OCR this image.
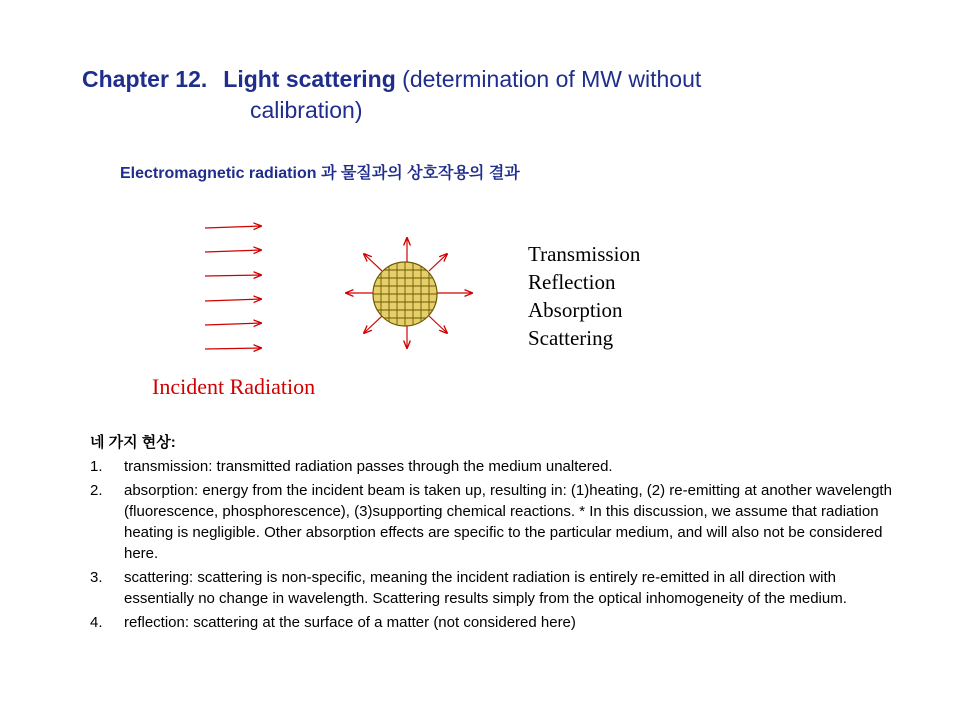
Chapter 12. Light scattering (determination of MW without
calibration)
Electromagnetic radiation 과 물질과의 상호작용의 결과
Transmission
Reflection
Absorption
Scattering
Incident Radiation
네 가지 현상:
1.	transmission: transmitted radiation passes through the medium unaltered.
2.	absorption: energy from the incident beam is taken up, resulting in: (1)heating, (2) re-emitting at another wavelength (fluorescence, phosphorescence), (3)supporting chemical reactions. * In this discussion, we assume that radiation heating is negligible. Other absorption effects are specific to the particular medium, and will also not be considered here.
3.	scattering: scattering is non-specific, meaning the incident radiation is entirely re-emitted in all direction with essentially no change in wavelength. Scattering results simply from the optical inhomogeneity of the medium.
4.	reflection: scattering at the surface of a matter (not considered here)
